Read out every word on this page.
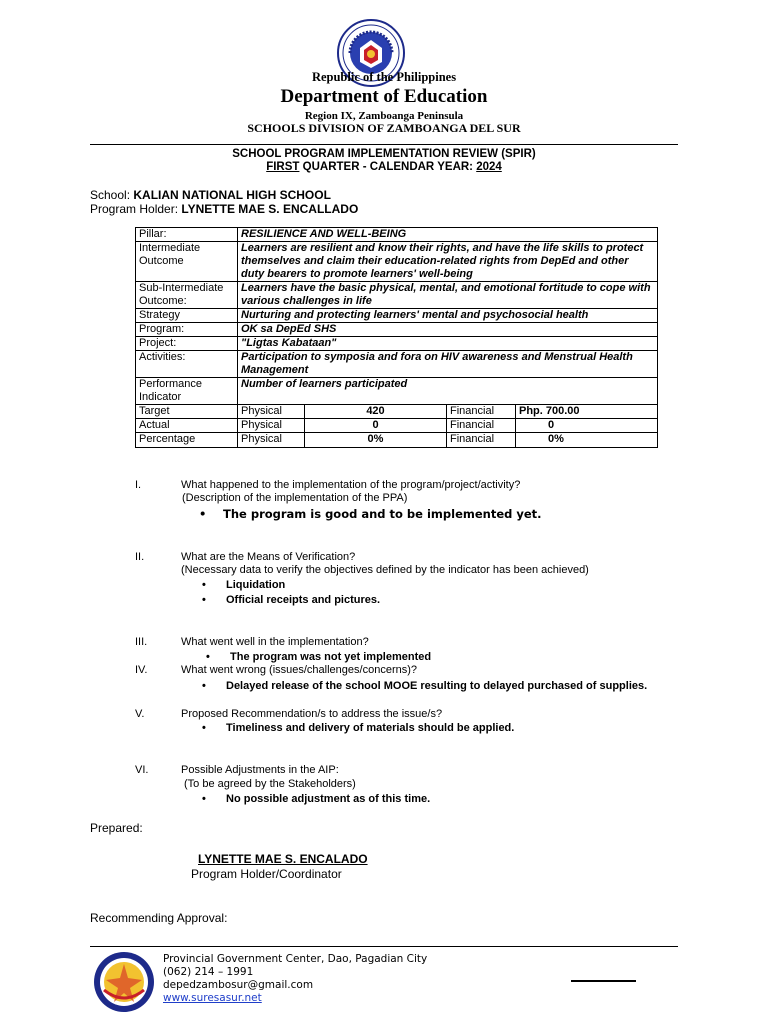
Republic of the Philippines
Department of Education
Region IX, Zamboanga Peninsula
SCHOOLS DIVISION OF ZAMBOANGA DEL SUR
SCHOOL PROGRAM IMPLEMENTATION REVIEW (SPIR)
FIRST QUARTER - CALENDAR YEAR: 2024
School: KALIAN NATIONAL HIGH SCHOOL
Program Holder: LYNETTE MAE S. ENCALLADO
Pillar:	RESILIENCE AND WELL-BEING			
Intermediate Outcome	Learners are resilient and know their rights, and have the life skills to protect themselves and claim their education-related rights from DepEd and other duty bearers to promote learners' well-being			
Sub-Intermediate Outcome:	Learners have the basic physical, mental, and emotional fortitude to cope with various challenges in life			
Strategy	Nurturing and protecting learners' mental and psychosocial health			
Program:	OK sa DepEd SHS			
Project:	"Ligtas Kabataan"			
Activities:	Participation to symposia and fora on HIV awareness and Menstrual Health Management			
Performance Indicator	Number of learners participated			
Target	Physical	420	Financial	Php. 700.00
Actual	Physical	0	Financial	0
Percentage	Physical	0%	Financial	0%
I.	What happened to the implementation of the program/project/activity?
(Description of the implementation of the PPA)
• The program is good and to be implemented yet.
II.	What are the Means of Verification?
(Necessary data to verify the objectives defined by the indicator has been achieved)
• Liquidation
• Official receipts and pictures.
III.	What went well in the implementation?
• The program was not yet implemented
IV.	What went wrong (issues/challenges/concerns)?
• Delayed release of the school MOOE resulting to delayed purchased of supplies.
V.	Proposed Recommendation/s to address the issue/s?
• Timeliness and delivery of materials should be applied.
VI.	Possible Adjustments in the AIP:
(To be agreed by the Stakeholders)
• No possible adjustment as of this time.
Prepared:
LYNETTE MAE S. ENCALADO
Program Holder/Coordinator
Recommending Approval:
Provincial Government Center, Dao, Pagadian City
(062) 214 – 1991
depedzambosur@gmail.com
www.suresasur.net
